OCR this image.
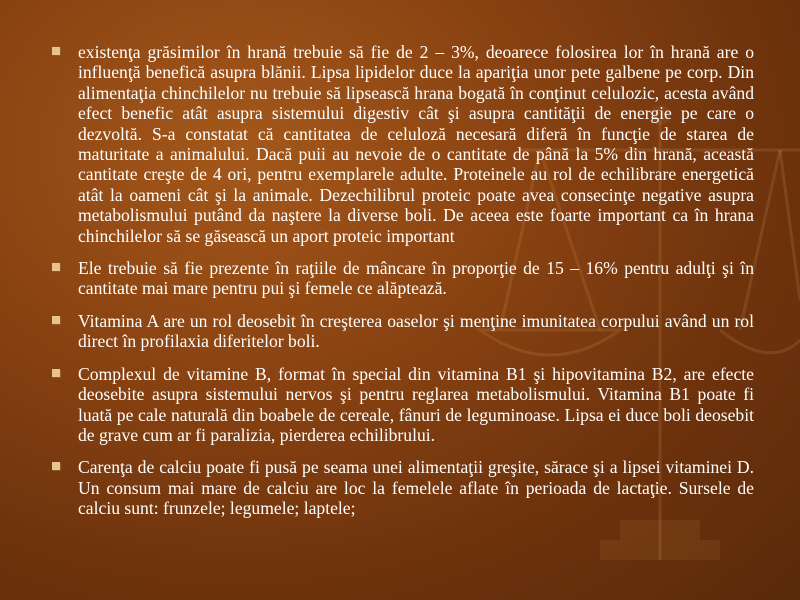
existenţa grăsimilor în hrană trebuie să fie de 2 – 3%, deoarece folosirea lor în hrană are o influenţă benefică asupra blănii. Lipsa lipidelor duce la apariţia unor pete galbene pe corp. Din alimentaţia chinchilelor nu trebuie să lipsească hrana bogată în conţinut celulozic, acesta având efect benefic atât asupra sistemului digestiv cât şi asupra cantităţii de energie pe care o dezvoltă. S-a constatat că cantitatea de celuloză necesară diferă în funcţie de starea de maturitate a animalului. Dacă puii au nevoie de o cantitate de până la 5% din hrană, această cantitate creşte de 4 ori, pentru exemplarele adulte. Proteinele au rol de echilibrare energetică atât la oameni cât şi la animale. Dezechilibrul proteic poate avea consecinţe negative asupra metabolismului putând da naştere la diverse boli. De aceea este foarte important ca în hrana chinchilelor să se găsească un aport proteic important
Ele trebuie să fie prezente în raţiile de mâncare în proporţie de 15 – 16% pentru adulţi şi în cantitate mai mare pentru pui şi femele ce alăptează.
Vitamina A are un rol deosebit în creşterea oaselor şi menţine imunitatea corpului având un rol direct în profilaxia diferitelor boli.
Complexul de vitamine B, format în special din vitamina B1 şi hipovitamina B2, are efecte deosebite asupra sistemului nervos şi pentru reglarea metabolismului. Vitamina B1 poate fi luată pe cale naturală din boabele de cereale, fânuri de leguminoase. Lipsa ei duce boli deosebit de grave cum ar fi paralizia, pierderea echilibrului.
Carenţa de calciu poate fi pusă pe seama unei alimentaţii greşite, sărace şi a lipsei vitaminei D. Un consum mai mare de calciu are loc la femelele aflate în perioada de lactaţie. Sursele de calciu sunt: frunzele; legumele; laptele;
